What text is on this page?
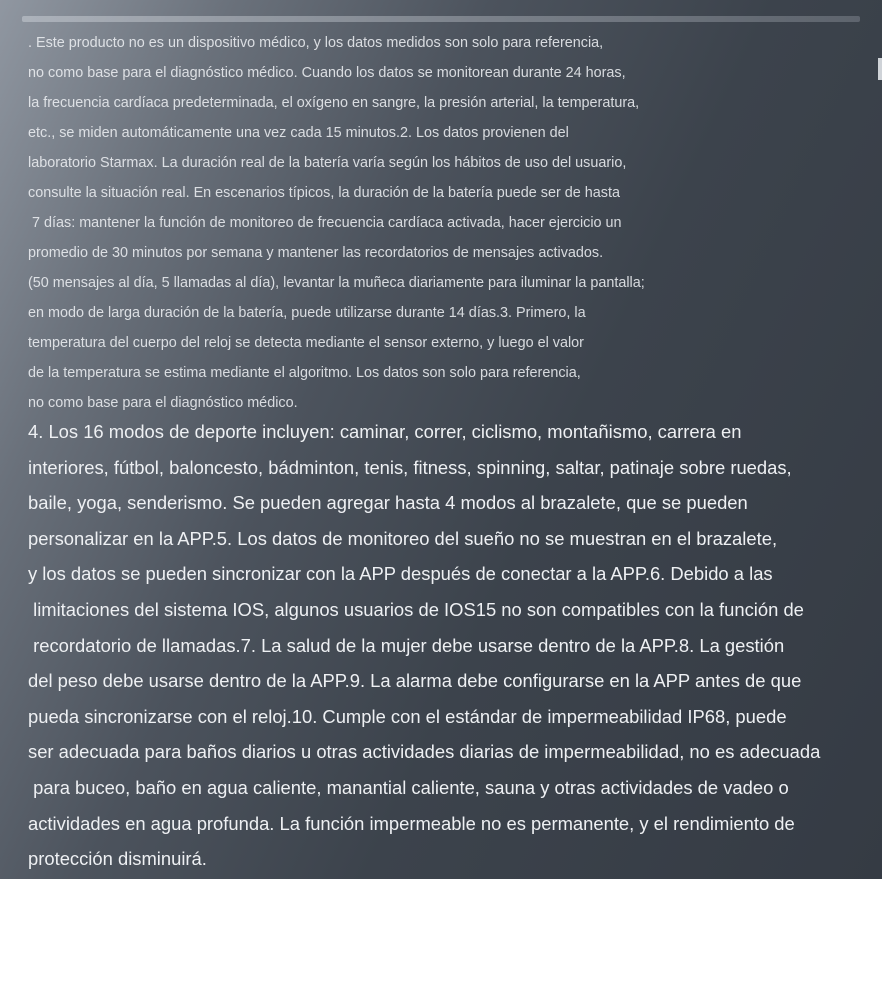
. Este producto no es un dispositivo médico, y los datos medidos son solo para referencia,
no como base para el diagnóstico médico. Cuando los datos se monitorean durante 24 horas,
la frecuencia cardíaca predeterminada, el oxígeno en sangre, la presión arterial, la temperatura,
etc., se miden automáticamente una vez cada 15 minutos.2. Los datos provienen del
laboratorio Starmax. La duración real de la batería varía según los hábitos de uso del usuario,
consulte la situación real. En escenarios típicos, la duración de la batería puede ser de hasta
7 días: mantener la función de monitoreo de frecuencia cardíaca activada, hacer ejercicio un
promedio de 30 minutos por semana y mantener las recordatorios de mensajes activados.
(50 mensajes al día, 5 llamadas al día), levantar la muñeca diariamente para iluminar la pantalla;
en modo de larga duración de la batería, puede utilizarse durante 14 días.3. Primero, la
temperatura del cuerpo del reloj se detecta mediante el sensor externo, y luego el valor
de la temperatura se estima mediante el algoritmo. Los datos son solo para referencia,
no como base para el diagnóstico médico.
4. Los 16 modos de deporte incluyen: caminar, correr, ciclismo, montañismo, carrera en
interiores, fútbol, baloncesto, bádminton, tenis, fitness, spinning, saltar, patinaje sobre ruedas,
baile, yoga, senderismo. Se pueden agregar hasta 4 modos al brazalete, que se pueden
personalizar en la APP.5. Los datos de monitoreo del sueño no se muestran en el brazalete,
y los datos se pueden sincronizar con la APP después de conectar a la APP.6. Debido a las
limitaciones del sistema IOS, algunos usuarios de IOS15 no son compatibles con la función de
recordatorio de llamadas.7. La salud de la mujer debe usarse dentro de la APP.8. La gestión
del peso debe usarse dentro de la APP.9. La alarma debe configurarse en la APP antes de que
pueda sincronizarse con el reloj.10. Cumple con el estándar de impermeabilidad IP68, puede
ser adecuada para baños diarios u otras actividades diarias de impermeabilidad, no es adecuada
para buceo, baño en agua caliente, manantial caliente, sauna y otras actividades de vadeo o
actividades en agua profunda. La función impermeable no es permanente, y el rendimiento de
protección disminuirá.
